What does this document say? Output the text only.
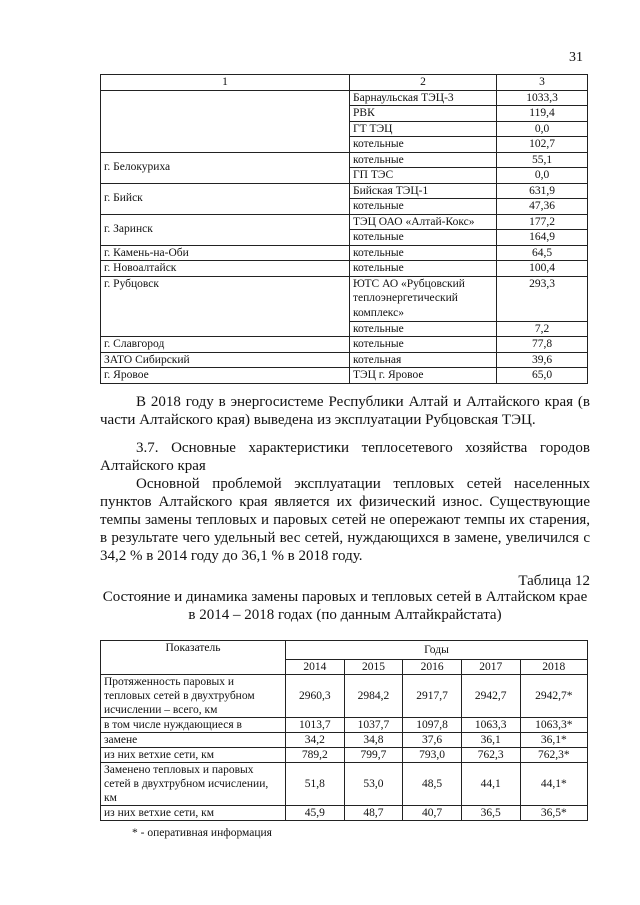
31
1	2	3
	Барнаульская ТЭЦ-3	1033,3
	РВК	119,4
	ГТ ТЭЦ	0,0
	котельные	102,7
г. Белокуриха	котельные	55,1
	ГП ТЭС	0,0
г. Бийск	Бийская ТЭЦ-1	631,9
	котельные	47,36
г. Заринск	ТЭЦ ОАО «Алтай-Кокс»	177,2
	котельные	164,9
г. Камень-на-Оби	котельные	64,5
г. Новоалтайск	котельные	100,4
г. Рубцовск	ЮТС АО «Рубцовский теплоэнергетический комплекс»	293,3
	котельные	7,2
г. Славгород	котельные	77,8
ЗАТО Сибирский	котельная	39,6
г. Яровое	ТЭЦ г. Яровое	65,0
В 2018 году в энергосистеме Республики Алтай и Алтайского края (в части Алтайского края) выведена из эксплуатации Рубцовская ТЭЦ.
3.7. Основные характеристики теплосетевого хозяйства городов Алтайского края
Основной проблемой эксплуатации тепловых сетей населенных пунктов Алтайского края является их физический износ. Существующие темпы замены тепловых и паровых сетей не опережают темпы их старения, в результате чего удельный вес сетей, нуждающихся в замене, увеличился с 34,2 % в 2014 году до 36,1 % в 2018 году.
Таблица 12
Состояние и динамика замены паровых и тепловых сетей в Алтайском крае в 2014 – 2018 годах (по данным Алтайкрайстата)
Показатель	Годы				
	2014	2015	2016	2017	2018
Протяженность паровых и тепловых сетей в двухтрубном исчислении – всего, км	2960,3	2984,2	2917,7	2942,7	2942,7*
в том числе нуждающиеся в	1013,7	1037,7	1097,8	1063,3	1063,3*
замене	34,2	34,8	37,6	36,1	36,1*
из них ветхие сети, км	789,2	799,7	793,0	762,3	762,3*
Заменено тепловых и паровых сетей в двухтрубном исчислении, км	51,8	53,0	48,5	44,1	44,1*
из них ветхие сети, км	45,9	48,7	40,7	36,5	36,5*
* - оперативная информация
